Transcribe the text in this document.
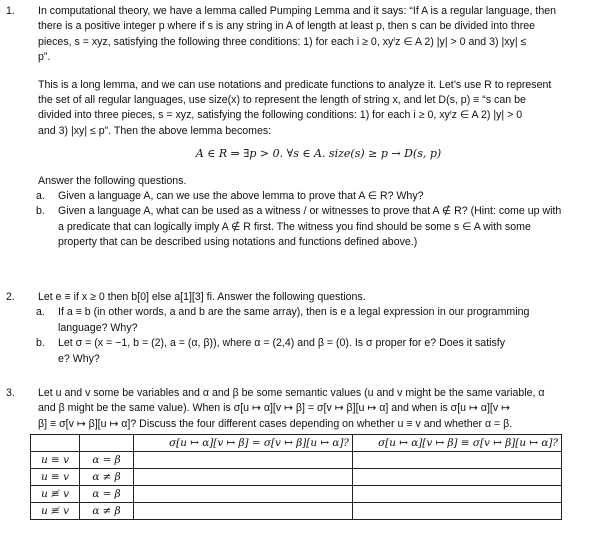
1. In computational theory, we have a lemma called Pumping Lemma and it says: “If A is a regular language, then

there is a positive integer p where if s is any string in A of length at least p, then s can be divided into three

pieces, s = xyz, satisfying the following three conditions: 1) for each i ≥ 0, xyⁱz ∈ A 2) |y| > 0 and 3) |xy| ≤

p”.

This is a long lemma, and we can use notations and predicate functions to analyze it. Let’s use R to represent

the set of all regular languages, use size(x) to represent the length of string x, and let D(s, p) ≡ “s can be

divided into three pieces, s = xyz, satisfying the following conditions: 1) for each i ≥ 0, xyⁱz ∈ A 2) |y| > 0

and 3) |xy| ≤ p”. Then the above lemma becomes:

A ∈ R ⇒ ∃p > 0. ∀s ∈ A. size(s) ≥ p → D(s, p)

Answer the following questions.

a. Given a language A, can we use the above lemma to prove that A ∈ R? Why?

b. Given a language A, what can be used as a witness / or witnesses to prove that A ∉ R? (Hint: come up with

a predicate that can logically imply A ∉ R first. The witness you find should be some s ∈ A with some

property that can be described using notations and functions defined above.)

2. Let e ≡ if x ≥ 0 then b[0] else a[1][3] fi. Answer the following questions.

a. If a ≡ b (in other words, a and b are the same array), then is e a legal expression in our programming

language? Why?

b. Let σ = (x = −1, b = (2), a = (α, β)), where α = (2,4) and β = (0). Is σ proper for e? Does it satisfy

e? Why?

3. Let u and v some be variables and α and β be some semantic values (u and v might be the same variable, α

and β might be the same value). When is σ[u ↦ α][v ↦ β] = σ[v ↦ β][u ↦ α] and when is σ[u ↦ α][v ↦

β] ≡ σ[v ↦ β][u ↦ α]? Discuss the four different cases depending on whether u ≡ v and whether α = β.

		σ[u ↦ α][v ↦ β] = σ[v ↦ β][u ↦ α]?	σ[u ↦ α][v ↦ β] ≡ σ[v ↦ β][u ↦ α]?
u ≡ v	α = β		
u ≡ v	α ≠ β		
u ≢ v	α = β		
u ≢ v	α ≠ β		
